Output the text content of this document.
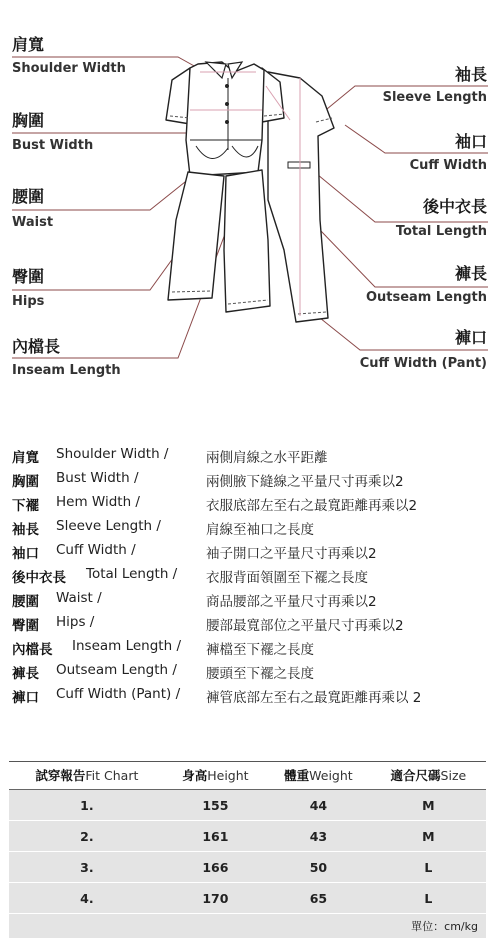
肩寬
Shoulder Width
胸圍
Bust Width
腰圍
Waist
臀圍
Hips
內檔長
Inseam Length
袖長
Sleeve Length
袖口
Cuff Width
後中衣長
Total Length
褲長
Outseam Length
褲口
Cuff Width (Pant)
肩寬 Shoulder Width /	兩側肩線之水平距離
胸圍 Bust Width /	兩側腋下縫線之平量尺寸再乘以2
下襬 Hem Width /	衣服底部左至右之最寬距離再乘以2
袖長 Sleeve Length /	肩線至袖口之長度
袖口 Cuff Width /	袖子開口之平量尺寸再乘以2
後中衣長 Total Length / 衣服背面領圍至下襬之長度
腰圍 Waist /	商品腰部之平量尺寸再乘以2
臀圍 Hips /	腰部最寬部位之平量尺寸再乘以2
內檔長 Inseam Length / 褲檔至下襬之長度
褲長 Outseam Length / 腰頭至下襬之長度
褲口 Cuff Width (Pant) / 褲管底部左至右之最寬距離再乘以 2
試穿報告Fit Chart	身高Height	體重Weight	適合尺碼Size
1.	155	44	M
2.	161	43	M
3.	166	50	L
4.	170	65	L
單位：cm/kg			
